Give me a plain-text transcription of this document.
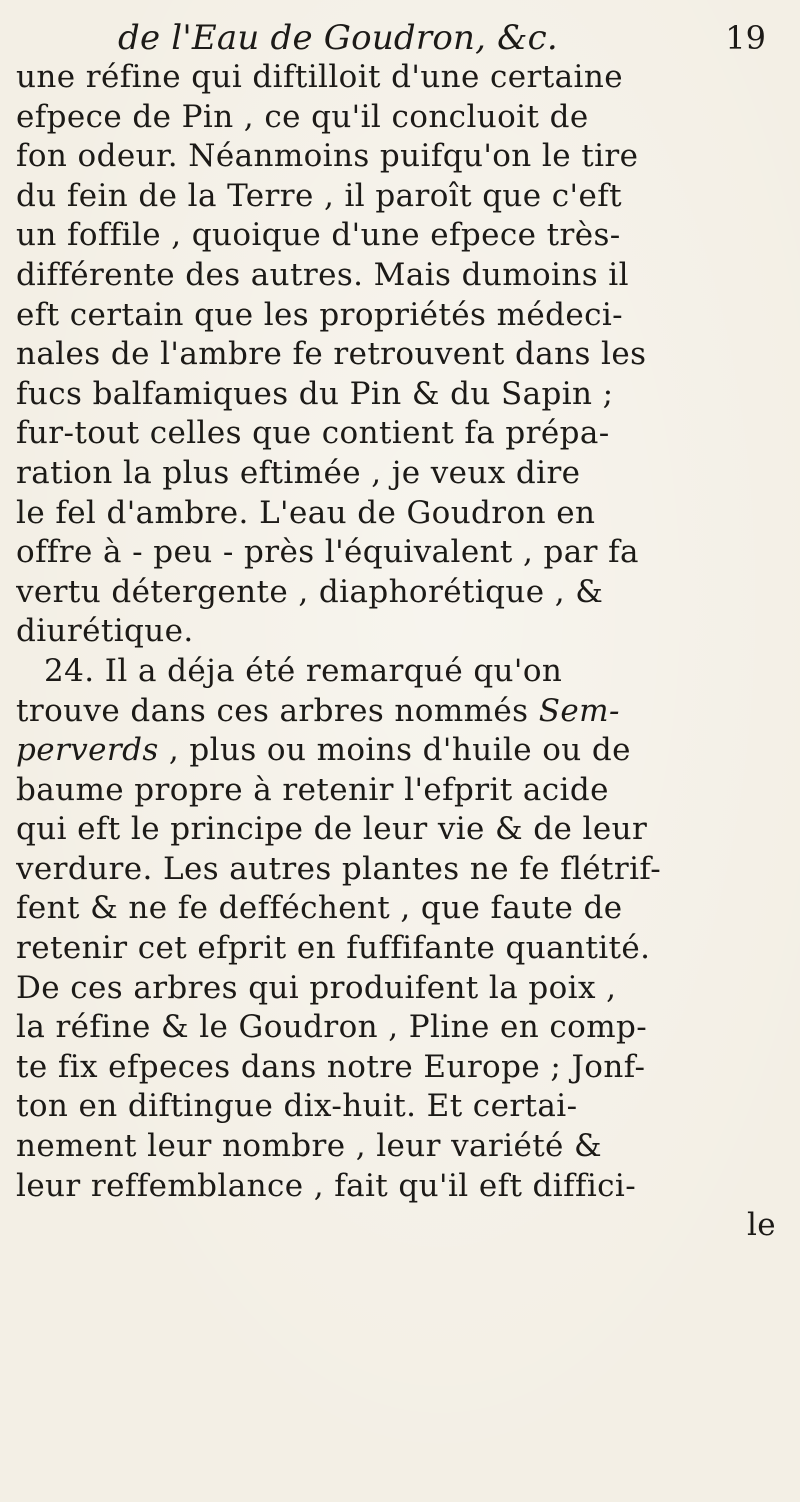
de l'Eau de Goudron, &c.	19
une réfine qui diftilloit d'une certaine
efpece de Pin , ce qu'il concluoit de
fon odeur. Néanmoins puifqu'on le tire
du fein de la Terre , il paroît que c'eft
un foffile , quoique d'une efpece très-
différente des autres. Mais dumoins il
eft certain que les propriétés médeci-
nales de l'ambre fe retrouvent dans les
fucs balfamiques du Pin & du Sapin ;
fur-tout celles que contient fa prépa-
ration la plus eftimée , je veux dire
le fel d'ambre. L'eau de Goudron en
offre à - peu - près l'équivalent , par fa
vertu détergente , diaphorétique , &
diurétique.
24. Il a déja été remarqué qu'on
trouve dans ces arbres nommés Sem-
perverds , plus ou moins d'huile ou de
baume propre à retenir l'efprit acide
qui eft le principe de leur vie & de leur
verdure. Les autres plantes ne fe flétrif-
fent & ne fe defféchent , que faute de
retenir cet efprit en fuffifante quantité.
De ces arbres qui produifent la poix ,
la réfine & le Goudron , Pline en comp-
te fix efpeces dans notre Europe ; Jonf-
ton en diftingue dix-huit. Et certai-
nement leur nombre , leur variété &
leur reffemblance , fait qu'il eft diffici-
le
